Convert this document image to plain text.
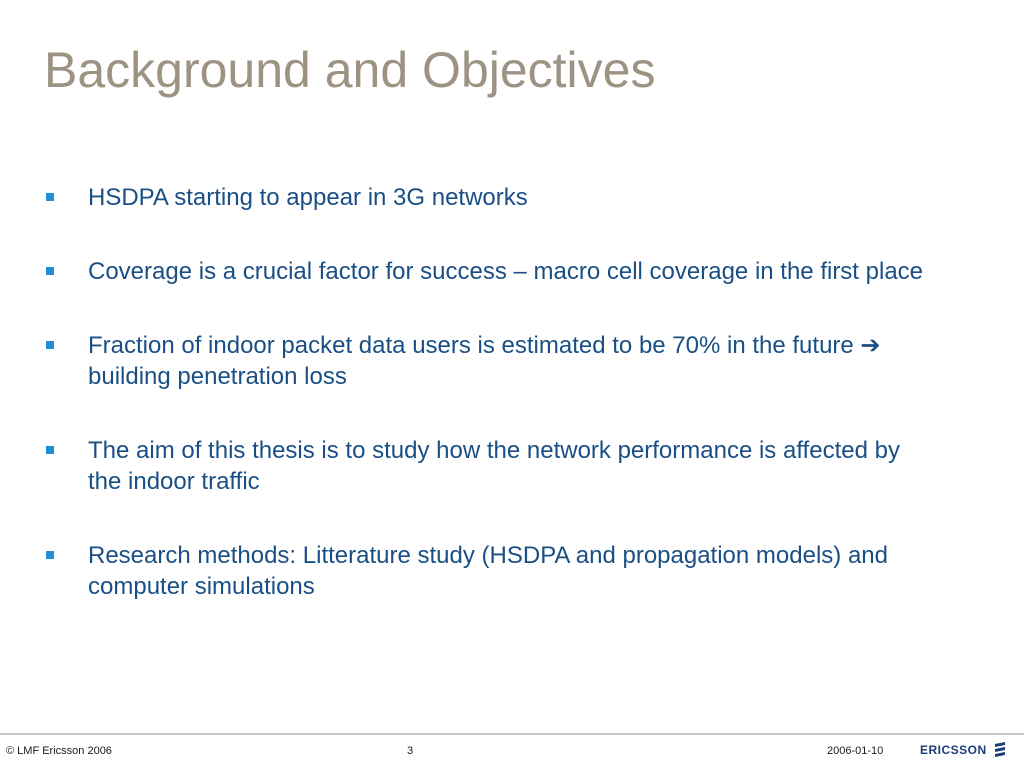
Background and Objectives
HSDPA starting to appear in 3G networks
Coverage is a crucial factor for success – macro cell coverage in the first place
Fraction of indoor packet data users is estimated to be 70% in the future ➔ building penetration loss
The aim of this thesis is to study how the network performance is affected by the indoor traffic
Research methods: Litterature study (HSDPA and propagation models) and computer simulations
© LMF Ericsson 2006	3	2006-01-10	ERICSSON
